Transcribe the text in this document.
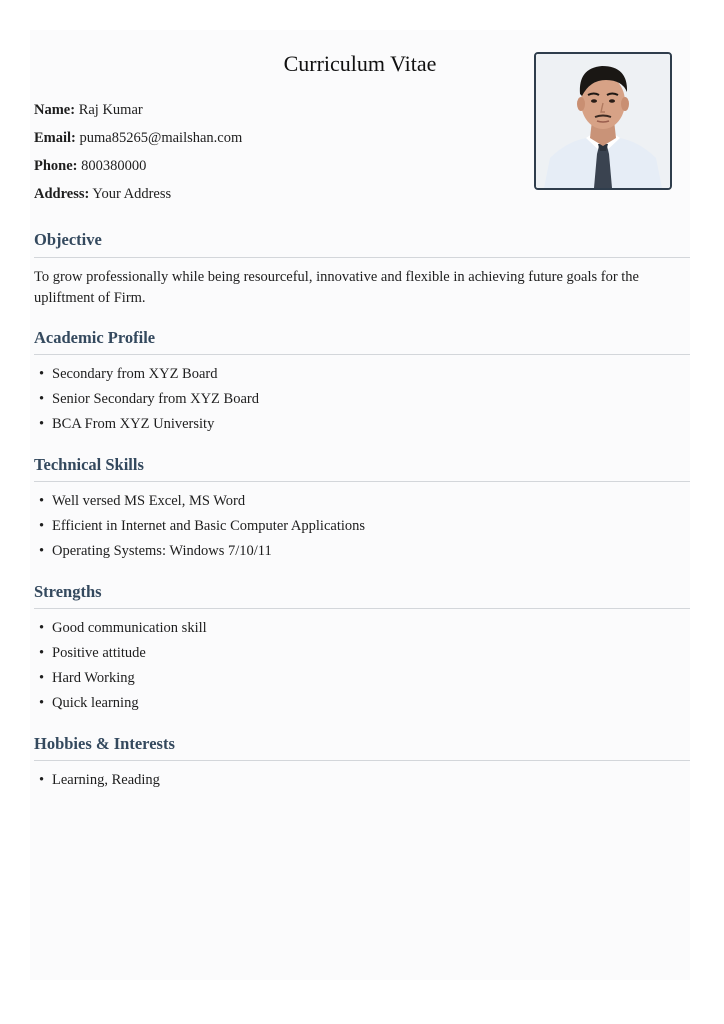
Curriculum Vitae
Name: Raj Kumar
Email: puma85265@mailshan.com
Phone: 800380000
Address: Your Address
Objective
To grow professionally while being resourceful, innovative and flexible in achieving future goals for the upliftment of Firm.
Academic Profile
• Secondary from XYZ Board
• Senior Secondary from XYZ Board
• BCA From XYZ University
Technical Skills
• Well versed MS Excel, MS Word
• Efficient in Internet and Basic Computer Applications
• Operating Systems: Windows 7/10/11
Strengths
• Good communication skill
• Positive attitude
• Hard Working
• Quick learning
Hobbies & Interests
• Learning, Reading
